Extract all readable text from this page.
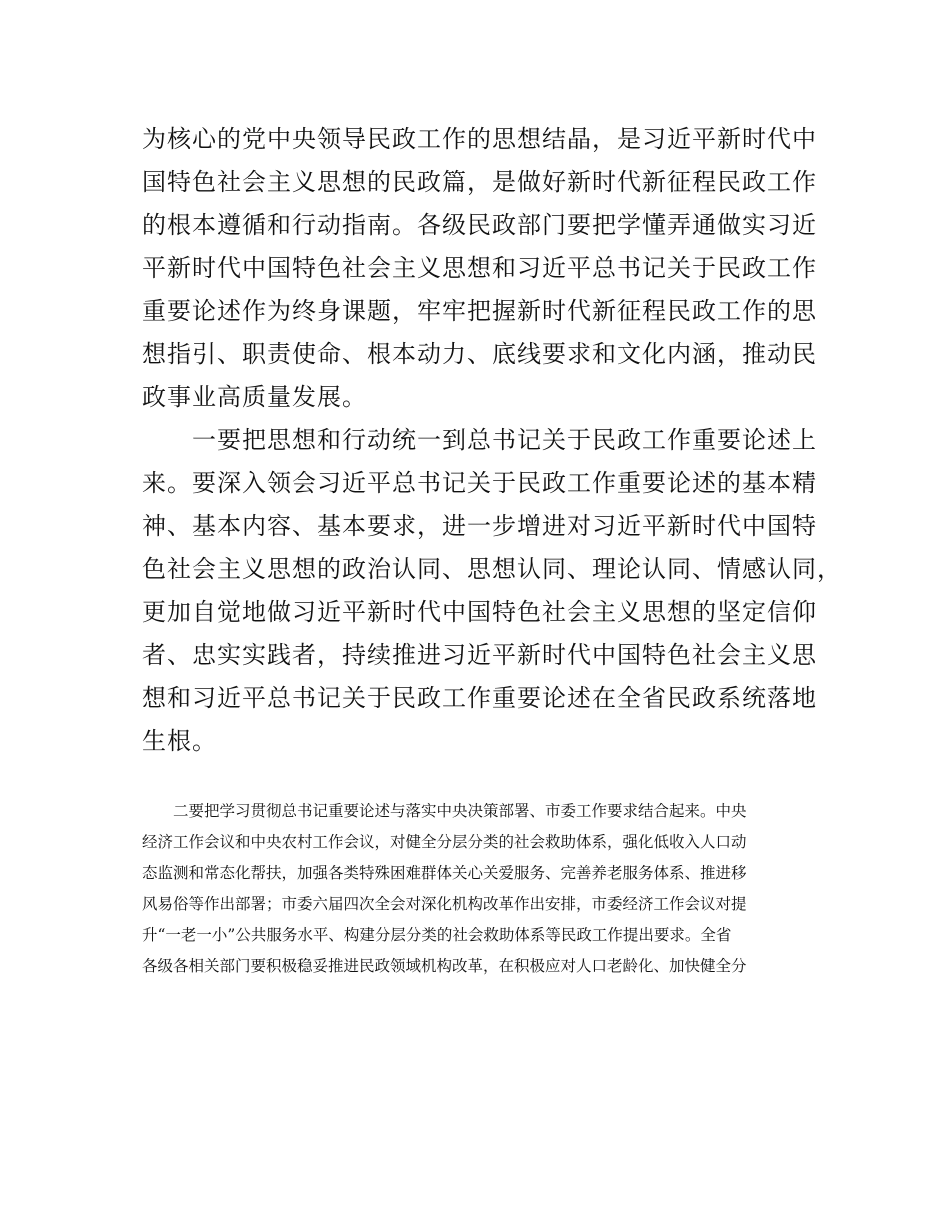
为核心的党中央领导民政工作的思想结晶，是习近平新时代中
国特色社会主义思想的民政篇，是做好新时代新征程民政工作
的根本遵循和行动指南。各级民政部门要把学懂弄通做实习近
平新时代中国特色社会主义思想和习近平总书记关于民政工作
重要论述作为终身课题，牢牢把握新时代新征程民政工作的思
想指引、职责使命、根本动力、底线要求和文化内涵，推动民
政事业高质量发展。
　　一要把思想和行动统一到总书记关于民政工作重要论述上
来。要深入领会习近平总书记关于民政工作重要论述的基本精
神、基本内容、基本要求，进一步增进对习近平新时代中国特
色社会主义思想的政治认同、思想认同、理论认同、情感认同，
更加自觉地做习近平新时代中国特色社会主义思想的坚定信仰
者、忠实实践者，持续推进习近平新时代中国特色社会主义思
想和习近平总书记关于民政工作重要论述在全省民政系统落地
生根。
　　二要把学习贯彻总书记重要论述与落实中央决策部署、市委工作要求结合起来。中央
经济工作会议和中央农村工作会议，对健全分层分类的社会救助体系，强化低收入人口动
态监测和常态化帮扶，加强各类特殊困难群体关心关爱服务、完善养老服务体系、推进移
风易俗等作出部署；市委六届四次全会对深化机构改革作出安排，市委经济工作会议对提
升“一老一小”公共服务水平、构建分层分类的社会救助体系等民政工作提出要求。全省
各级各相关部门要积极稳妥推进民政领域机构改革，在积极应对人口老龄化、加快健全分
